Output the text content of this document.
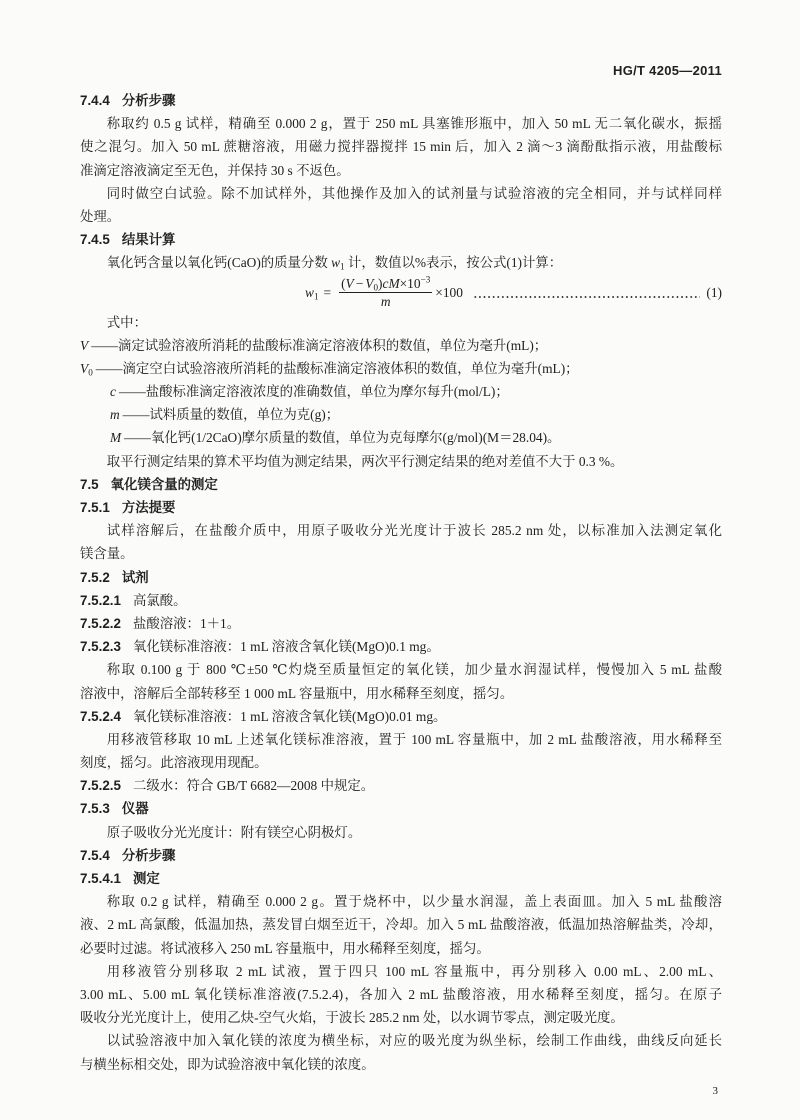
HG/T 4205—2011
7.4.4 分析步骤
称取约 0.5 g 试样，精确至 0.000 2 g，置于 250 mL 具塞锥形瓶中，加入 50 mL 无二氧化碳水，振摇
使之混匀。加入 50 mL 蔗糖溶液，用磁力搅拌器搅拌 15 min 后，加入 2 滴～3 滴酚酞指示液，用盐酸标
准滴定溶液滴定至无色，并保持 30 s 不返色。
同时做空白试验。除不加试样外，其他操作及加入的试剂量与试验溶液的完全相同，并与试样同样
处理。
7.4.5 结果计算
氧化钙含量以氧化钙(CaO)的质量分数 $w_1$ 计，数值以%表示，按公式(1)计算：
$w_1 = \frac{(V - V_0)cM\times 10^{-3}}{m} \times 100$	(1)
式中：
V ——滴定试验溶液所消耗的盐酸标准滴定溶液体积的数值，单位为毫升(mL)；
$V_0$ ——滴定空白试验溶液所消耗的盐酸标准滴定溶液体积的数值，单位为毫升(mL)；
c ——盐酸标准滴定溶液浓度的准确数值，单位为摩尔每升(mol/L)；
m ——试料质量的数值，单位为克(g)；
M ——氧化钙(1/2CaO)摩尔质量的数值，单位为克每摩尔(g/mol)(M＝28.04)。
取平行测定结果的算术平均值为测定结果，两次平行测定结果的绝对差值不大于 0.3 %。
7.5 氧化镁含量的测定
7.5.1 方法提要
试样溶解后，在盐酸介质中，用原子吸收分光光度计于波长 285.2 nm 处，以标准加入法测定氧化
镁含量。
7.5.2 试剂
7.5.2.1 高氯酸。
7.5.2.2 盐酸溶液：1＋1。
7.5.2.3 氧化镁标准溶液：1 mL 溶液含氧化镁(MgO)0.1 mg。
称取 0.100 g 于 800 ℃±50 ℃灼烧至质量恒定的氧化镁，加少量水润湿试样，慢慢加入 5 mL 盐酸
溶液中，溶解后全部转移至 1 000 mL 容量瓶中，用水稀释至刻度，摇匀。
7.5.2.4 氧化镁标准溶液：1 mL 溶液含氧化镁(MgO)0.01 mg。
用移液管移取 10 mL 上述氧化镁标准溶液，置于 100 mL 容量瓶中，加 2 mL 盐酸溶液，用水稀释至
刻度，摇匀。此溶液现用现配。
7.5.2.5 二级水：符合 GB/T 6682—2008 中规定。
7.5.3 仪器
原子吸收分光光度计：附有镁空心阴极灯。
7.5.4 分析步骤
7.5.4.1 测定
称取 0.2 g 试样，精确至 0.000 2 g。置于烧杯中，以少量水润湿，盖上表面皿。加入 5 mL 盐酸溶
液、2 mL 高氯酸，低温加热，蒸发冒白烟至近干，冷却。加入 5 mL 盐酸溶液，低温加热溶解盐类，冷却，
必要时过滤。将试液移入 250 mL 容量瓶中，用水稀释至刻度，摇匀。
用移液管分别移取 2 mL 试液，置于四只 100 mL 容量瓶中，再分别移入 0.00 mL、2.00 mL、
3.00 mL、5.00 mL 氧化镁标准溶液(7.5.2.4)，各加入 2 mL 盐酸溶液，用水稀释至刻度，摇匀。在原子
吸收分光光度计上，使用乙炔-空气火焰，于波长 285.2 nm 处，以水调节零点，测定吸光度。
以试验溶液中加入氧化镁的浓度为横坐标，对应的吸光度为纵坐标，绘制工作曲线，曲线反向延长
与横坐标相交处，即为试验溶液中氧化镁的浓度。
3
